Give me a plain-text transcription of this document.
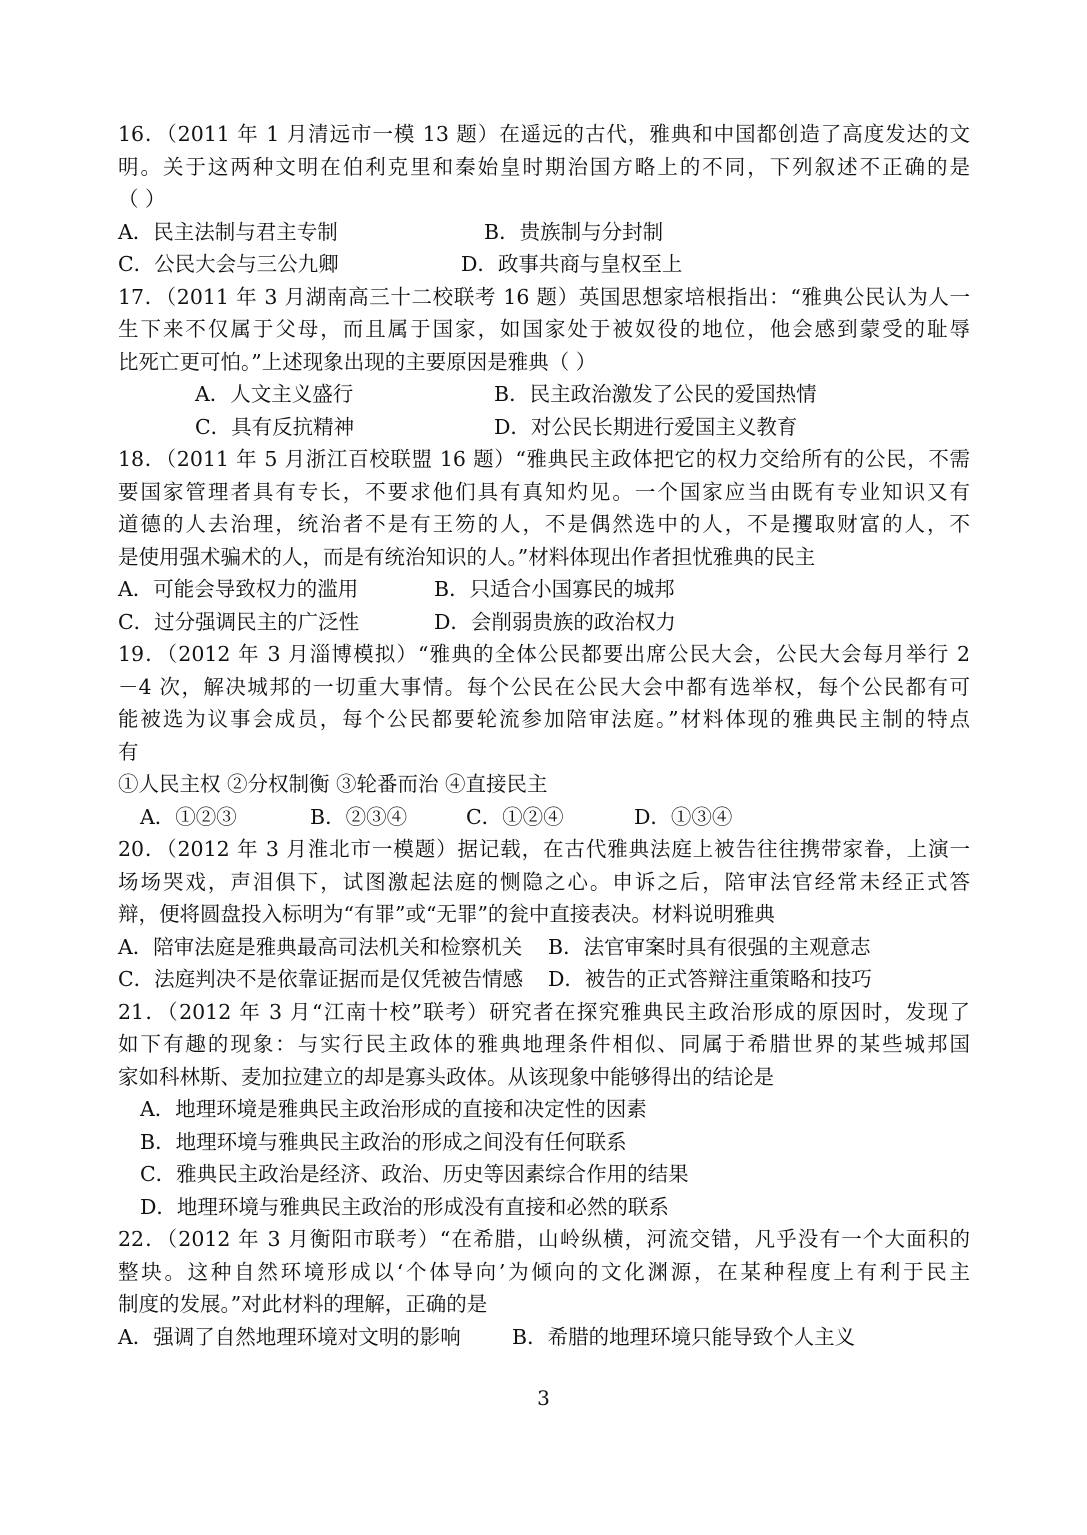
16．（2011 年 1 月清远市一模 13 题）在遥远的古代，雅典和中国都创造了高度发达的文
明。关于这两种文明在伯利克里和秦始皇时期治国方略上的不同，下列叙述不正确的是
（ ）
A．民主法制与君主专制	B．贵族制与分封制
C．公民大会与三公九卿	D．政事共商与皇权至上
17．（2011 年 3 月湖南高三十二校联考 16 题）英国思想家培根指出：“雅典公民认为人一
生下来不仅属于父母，而且属于国家，如国家处于被奴役的地位，他会感到蒙受的耻辱
比死亡更可怕。”上述现象出现的主要原因是雅典（ ）
A．人文主义盛行	B．民主政治激发了公民的爱国热情
C．具有反抗精神	D．对公民长期进行爱国主义教育
18．（2011 年 5 月浙江百校联盟 16 题）“雅典民主政体把它的权力交给所有的公民，不需
要国家管理者具有专长，不要求他们具有真知灼见。一个国家应当由既有专业知识又有
道德的人去治理，统治者不是有王笏的人，不是偶然选中的人，不是攫取财富的人，不
是使用强术骗术的人，而是有统治知识的人。”材料体现出作者担忧雅典的民主
A．可能会导致权力的滥用	B．只适合小国寡民的城邦
C．过分强调民主的广泛性	D．会削弱贵族的政治权力
19．（2012 年 3 月淄博模拟）“雅典的全体公民都要出席公民大会，公民大会每月举行 2
－4 次，解决城邦的一切重大事情。每个公民在公民大会中都有选举权，每个公民都有可
能被选为议事会成员，每个公民都要轮流参加陪审法庭。”材料体现的雅典民主制的特点
有
①人民主权 ②分权制衡 ③轮番而治 ④直接民主
A．①②③	B．②③④	C．①②④	D．①③④
20．（2012 年 3 月淮北市一模题）据记载，在古代雅典法庭上被告往往携带家眷，上演一
场场哭戏，声泪俱下，试图激起法庭的恻隐之心。申诉之后，陪审法官经常未经正式答
辩，便将圆盘投入标明为“有罪”或“无罪”的瓮中直接表决。材料说明雅典
A．陪审法庭是雅典最高司法机关和检察机关 B．法官审案时具有很强的主观意志
C．法庭判决不是依靠证据而是仅凭被告情感 D．被告的正式答辩注重策略和技巧
21．（2012 年 3 月“江南十校”联考）研究者在探究雅典民主政治形成的原因时，发现了
如下有趣的现象：与实行民主政体的雅典地理条件相似、同属于希腊世界的某些城邦国
家如科林斯、麦加拉建立的却是寡头政体。从该现象中能够得出的结论是
A．地理环境是雅典民主政治形成的直接和决定性的因素
B．地理环境与雅典民主政治的形成之间没有任何联系
C．雅典民主政治是经济、政治、历史等因素综合作用的结果
D．地理环境与雅典民主政治的形成没有直接和必然的联系
22．（2012 年 3 月衡阳市联考）“在希腊，山岭纵横，河流交错，凡乎没有一个大面积的
整块。这种自然环境形成以‘个体导向’为倾向的文化渊源，在某种程度上有利于民主
制度的发展。”对此材料的理解，正确的是
A．强调了自然地理环境对文明的影响 B．希腊的地理环境只能导致个人主义
3
